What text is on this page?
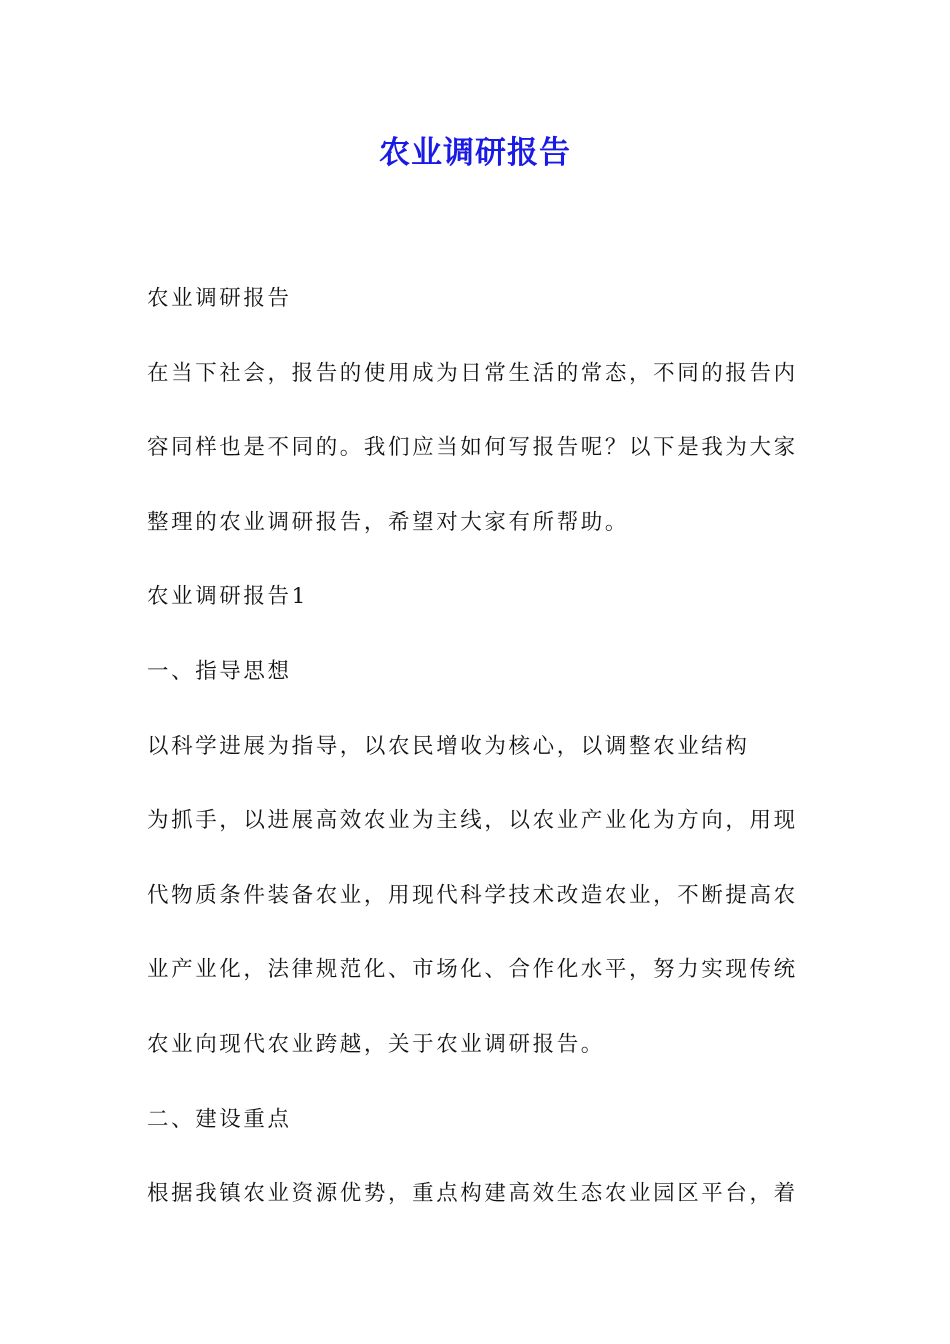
农业调研报告
农业调研报告
在当下社会，报告的使用成为日常生活的常态，不同的报告内
容同样也是不同的。我们应当如何写报告呢？以下是我为大家
整理的农业调研报告，希望对大家有所帮助。
农业调研报告1
一、指导思想
以科学进展为指导，以农民增收为核心，以调整农业结构
为抓手，以进展高效农业为主线，以农业产业化为方向，用现
代物质条件装备农业，用现代科学技术改造农业，不断提高农
业产业化，法律规范化、市场化、合作化水平，努力实现传统
农业向现代农业跨越，关于农业调研报告。
二、建设重点
根据我镇农业资源优势，重点构建高效生态农业园区平台，着
